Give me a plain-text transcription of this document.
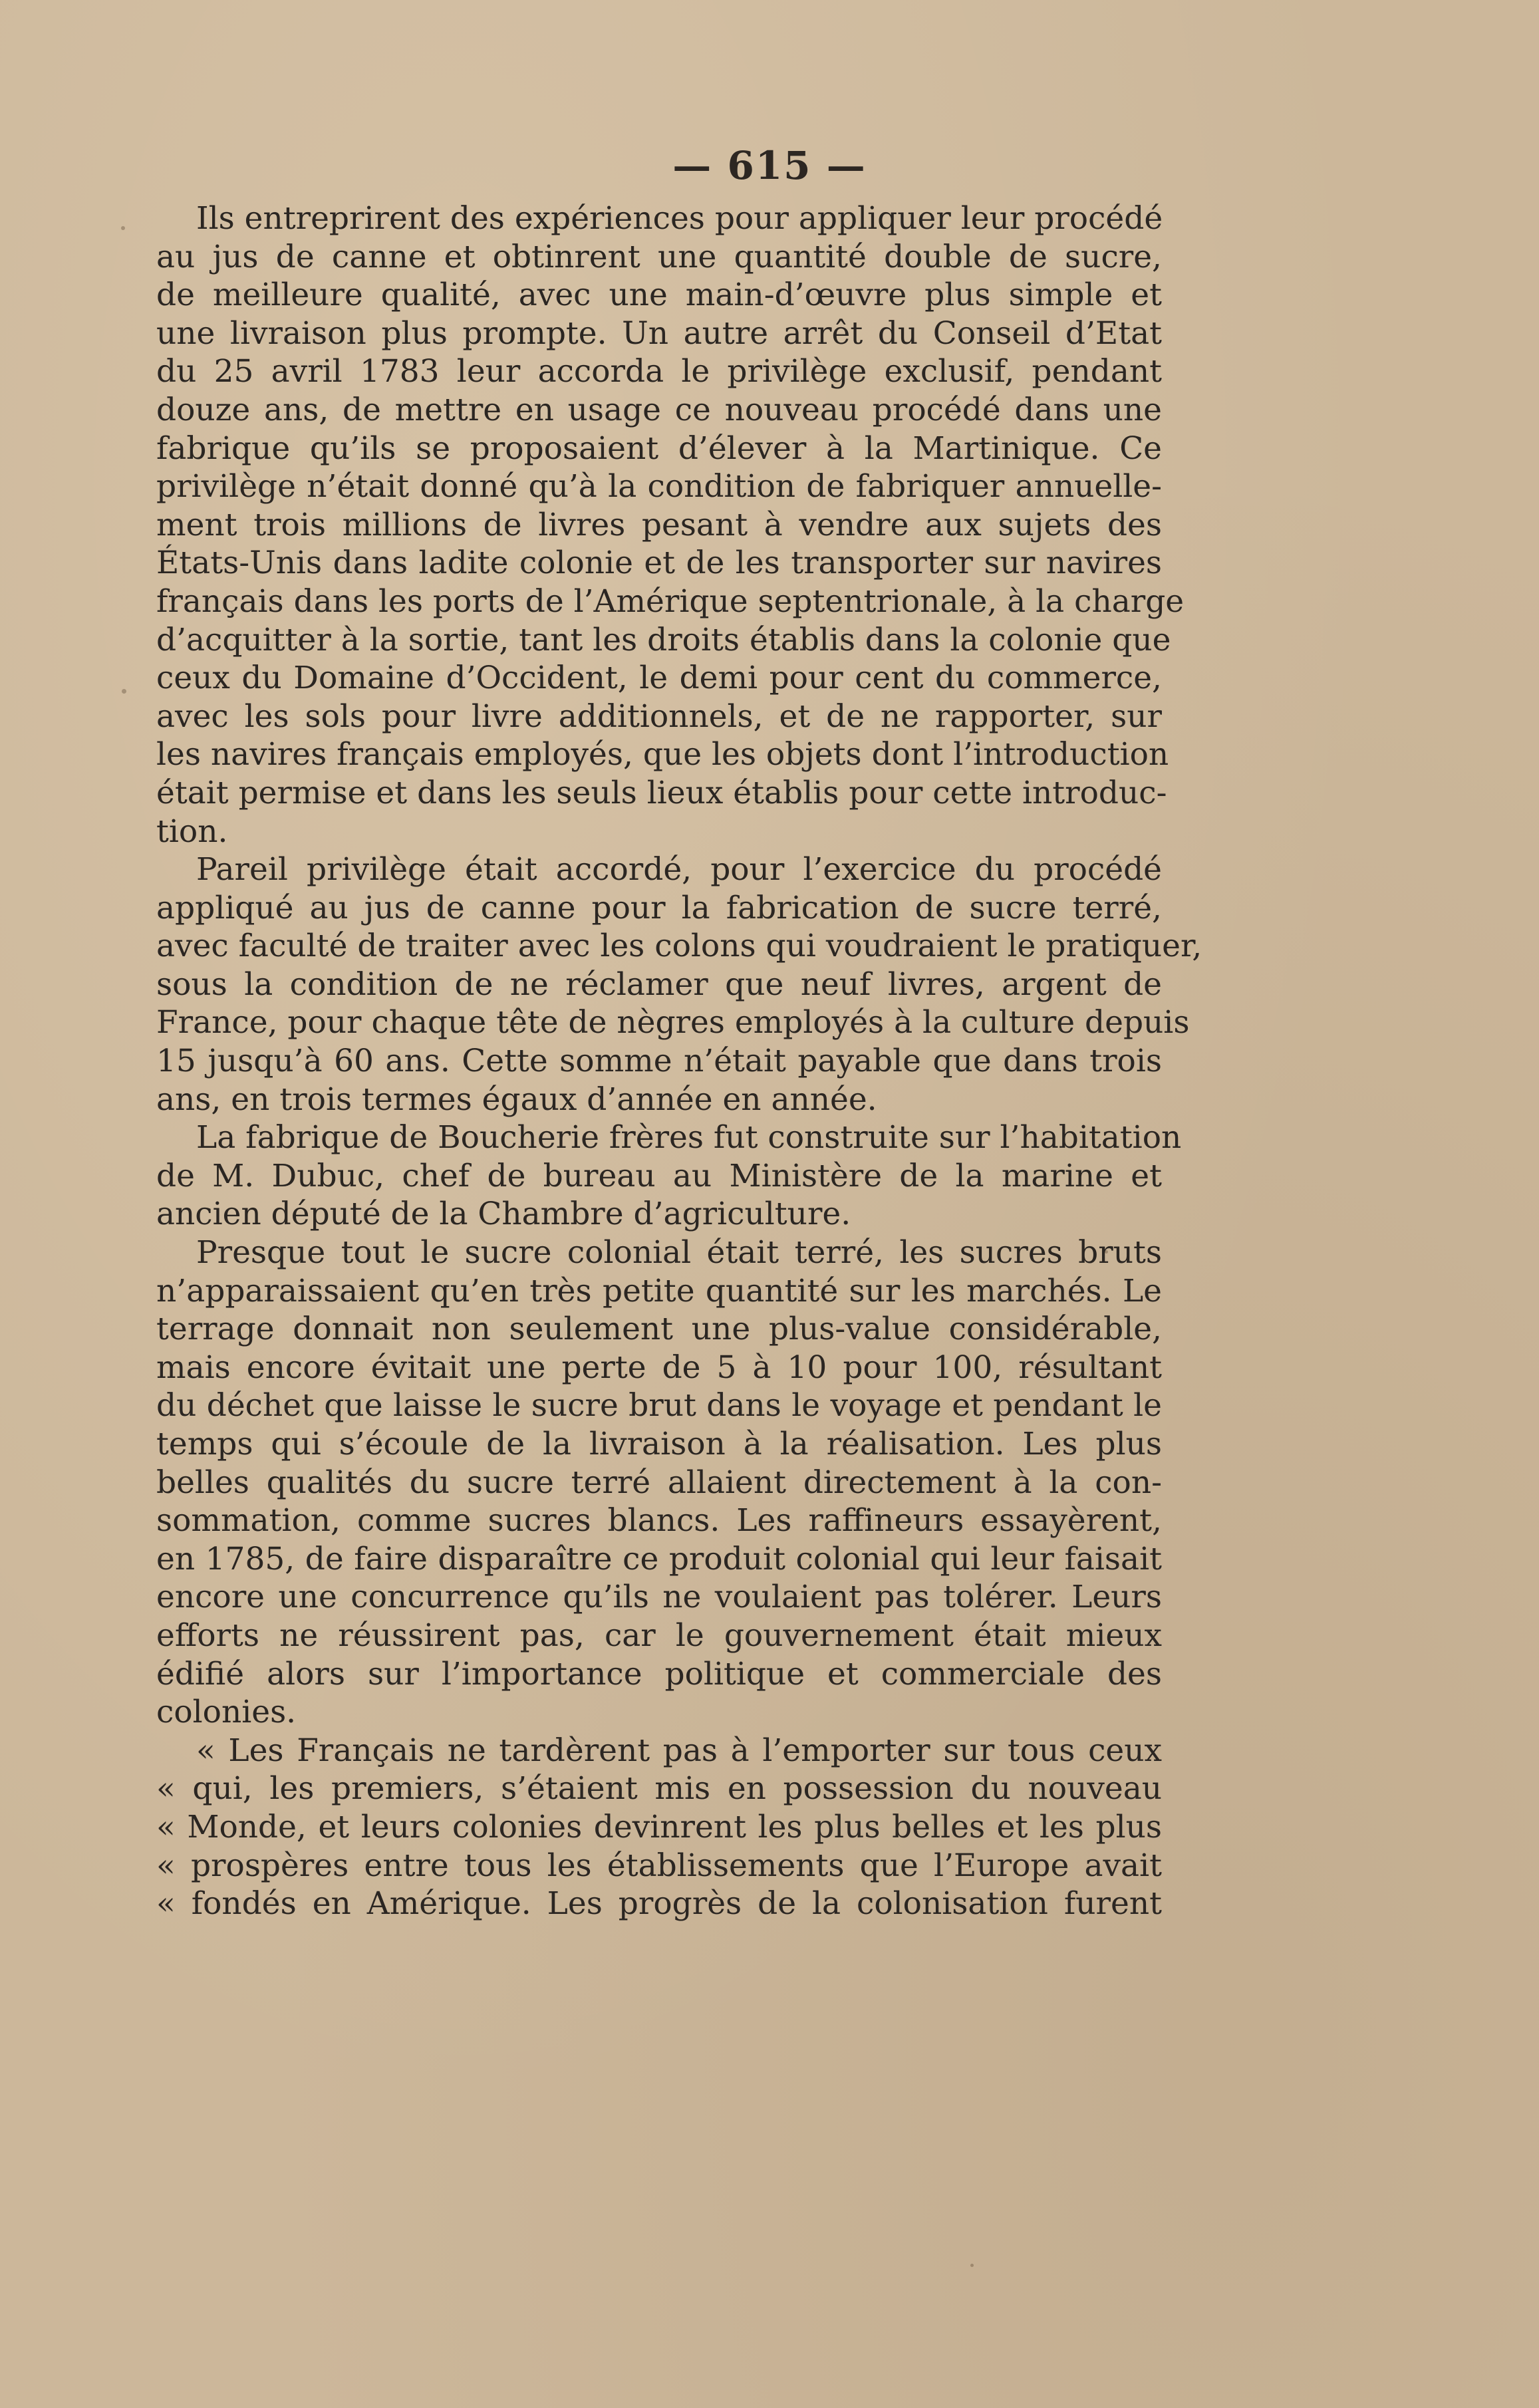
— 615 —
Ils entreprirent des expériences pour appliquer leur procédé
au jus de canne et obtinrent une quantité double de sucre,
de meilleure qualité, avec une main-d’œuvre plus simple et
une livraison plus prompte. Un autre arrêt du Conseil d’Etat
du 25 avril 1783 leur accorda le privilège exclusif, pendant
douze ans, de mettre en usage ce nouveau procédé dans une
fabrique qu’ils se proposaient d’élever à la Martinique. Ce
privilège n’était donné qu’à la condition de fabriquer annuelle-
ment trois millions de livres pesant à vendre aux sujets des
États-Unis dans ladite colonie et de les transporter sur navires
français dans les ports de l’Amérique septentrionale, à la charge
d’acquitter à la sortie, tant les droits établis dans la colonie que
ceux du Domaine d’Occident, le demi pour cent du commerce,
avec les sols pour livre additionnels, et de ne rapporter, sur
les navires français employés, que les objets dont l’introduction
était permise et dans les seuls lieux établis pour cette introduc-
tion.
Pareil privilège était accordé, pour l’exercice du procédé
appliqué au jus de canne pour la fabrication de sucre terré,
avec faculté de traiter avec les colons qui voudraient le pratiquer,
sous la condition de ne réclamer que neuf livres, argent de
France, pour chaque tête de nègres employés à la culture depuis
15 jusqu’à 60 ans. Cette somme n’était payable que dans trois
ans, en trois termes égaux d’année en année.
La fabrique de Boucherie frères fut construite sur l’habitation
de M. Dubuc, chef de bureau au Ministère de la marine et
ancien député de la Chambre d’agriculture.
Presque tout le sucre colonial était terré, les sucres bruts
n’apparaissaient qu’en très petite quantité sur les marchés. Le
terrage donnait non seulement une plus-value considérable,
mais encore évitait une perte de 5 à 10 pour 100, résultant
du déchet que laisse le sucre brut dans le voyage et pendant le
temps qui s’écoule de la livraison à la réalisation. Les plus
belles qualités du sucre terré allaient directement à la con-
sommation, comme sucres blancs. Les raffineurs essayèrent,
en 1785, de faire disparaître ce produit colonial qui leur faisait
encore une concurrence qu’ils ne voulaient pas tolérer. Leurs
efforts ne réussirent pas, car le gouvernement était mieux
édifié alors sur l’importance politique et commerciale des
colonies.
« Les Français ne tardèrent pas à l’emporter sur tous ceux
« qui, les premiers, s’étaient mis en possession du nouveau
« Monde, et leurs colonies devinrent les plus belles et les plus
« prospères entre tous les établissements que l’Europe avait
« fondés en Amérique. Les progrès de la colonisation furent
